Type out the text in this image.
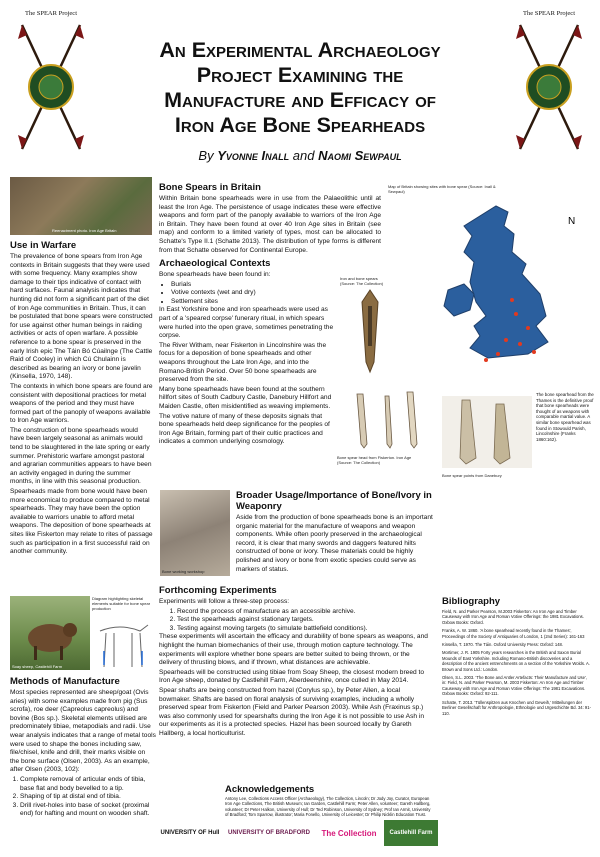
The SPEAR Project	The SPEAR Project
An Experimental Archaeology
Project Examining the
Manufacture and Efficacy of
Iron Age Bone Spearheads
By Yvonne Inall and Naomi Sewpaul
Reenactment photo. Iron Age Britain
Use in Warfare

The prevalence of bone spears from Iron Age contexts in Britain suggests that they were used with some frequency. Many examples show damage to their tips indicative of contact with hard surfaces. Faunal analysis indicates that hunting did not form a significant part of the diet of Iron Age communities in Britain. Thus, it can be postulated that bone spears were constructed for use against other human beings in raiding activities or acts of open warfare. A possible reference to a bone spear is preserved in the early Irish epic The Táin Bó Cúailnge (The Cattle Raid of Cooley) in which Cú Chulainn is described as bearing an ivory or bone javelin (Kinsella, 1970, 148).

The contexts in which bone spears are found are consistent with depositional practices for metal weapons of the period and they must have formed part of the panoply of weapons available to Iron Age warriors.

The construction of bone spearheads would have been largely seasonal as animals would tend to be slaughtered in the late spring or early summer. Prehistoric warfare amongst pastoral and agrarian communities appears to have been an activity engaged in during the summer months, in line with this seasonal production.

Spearheads made from bone would have been more economical to produce compared to metal spearheads. They may have been the option available to warriors unable to afford metal weapons. The deposition of bone spearheads at sites like Fiskerton may relate to rites of passage such as participation in a first successful raid on another community.

Bone Spears in Britain
Within Britain bone spearheads were in use from the Palaeolithic until at least the Iron Age. The persistence of usage indicates these were effective weapons and form part of the panoply available to warriors of the Iron Age in Britain. They have been found at over 40 Iron Age sites in Britain (see map) and conform to a limited variety of types, most can be allocated to Schatte's Type II.1 (Schatte 2013). The distribution of type forms is different from that Schatte observed for Continental Europe.
Map of Britain showing sites with bone spear (Source: Inall & Sewpaul)
N
Archaeological Contexts

Bone spearheads have been found in:

• Burials
• Votive contexts (wet and dry)
• Settlement sites

In East Yorkshire bone and iron spearheads were used as part of a 'speared corpse' funerary ritual, in which spears were hurled into the open grave, sometimes penetrating the corpse.

The River Witham, near Fiskerton in Lincolnshire was the focus for a deposition of bone spearheads and other weapons throughout the Late Iron Age, and into the Romano-British Period. Over 50 bone spearheads are preserved from the site.

Many bone spearheads have been found at the southern hillfort sites of South Cadbury Castle, Danebury Hillfort and Maiden Castle, often misidentified as weaving implements.

The votive nature of many of these deposits signals that bone spearheads held deep significance for the peoples of Iron Age Britain, forming part of their cultic practices and indicates a common underlying cosmology.

Iron and bone spears
(Source: The Collection)
The bone spearhead from the Thames is the definitive proof that bone spearheads were thought of as weapons with comparable martial value. A similar bone spearhead was found in Stowould Parish, Lincolnshire (Franks 1860:162).
Bone spear head from Fiskerton. Iron Age
(Source: The Collection)
Bone spear points from Danebury
Bone working workshop
Broader Usage/Importance of Bone/Ivory in Weaponry
Aside from the production of bone spearheads bone is an important organic material for the manufacture of weapons and weapon components. While often poorly preserved in the archaeological record, it is clear that many swords and daggers featured hilts constructed of bone or ivory. These materials could be highly polished and ivory or bone from exotic species could serve as markers of status.
Soay sheep, Castlehill Farm
Diagram highlighting skeletal elements suitable for bone spear production
Methods of Manufacture

Most species represented are sheep/goat (Ovis aries) with some examples made from pig (Sus scrofa), roe deer (Capreolus capreolus) and bovine (Bos sp.). Skeletal elements utilised are predominately tibiae, metapodials and radii. Use wear analysis indicates that a range of metal tools were used to shape the bones including saw, file/chisel, knife and drill, their marks visible on the bone surface (Olsen, 2003). As an example, after Olsen (2003, 102):

1. Complete removal of articular ends of tibia, base flat and body bevelled to a tip.
2. Shaping of tip at distal end of tibia.
3. Drill rivet-holes into base of socket (proximal end) for hafting and mount on wooden shaft.
Forthcoming Experiments

Experiments will follow a three-step process:

1. Record the process of manufacture as an accessible archive.
2. Test the spearheads against stationary targets.
3. Testing against moving targets (to simulate battlefield conditions).

These experiments will ascertain the efficacy and durability of bone spears as weapons, and highlight the human biomechanics of their use, through motion capture technology. The experiments will explore whether bone spears are better suited to being thrown, or the delivery of thrusting blows, and if thrown, what distances are achievable.

Spearheads will be constructed using tibiae from Soay Sheep, the closest modern breed to Iron Age sheep, donated by Castlehill Farm, Aberdeenshire, once culled in May 2014.

Spear shafts are being constructed from hazel (Corylus sp.), by Peter Allen, a local bowmaker. Shafts are based on floral analysis of surviving examples, including a wholly preserved spear from Fiskerton (Field and Parker Pearson 2003). While Ash (Fraxinus sp.) was also commonly used for spearshafts during the Iron Age it is not possible to use Ash in our experiments as it is a protected species. Hazel has been sourced locally by Gareth Hallberg, a local horticulturist.

Bibliography

Field, N. and Parker Pearson, M.2003 Fiskerton: An Iron Age and Timber Causeway with Iron Age and Roman Votive Offerings: the 1981 Excavations. Oxbow Books: Oxford.

Franks, A. W. 1860. 'A bone spearhead recently found in the Thames', Proceedings of the Society of Antiquaries of London, 1 (2nd Series): 161-163

Kinsella, T. 1970. The Táin. Oxford University Press: Oxford: 148.

Mortimer, J. R. 1905 Forty years researches in the British and Saxon Burial Mounds of East Yorkshire. Including Romano-British discoveries and a description of the ancient entrenchments on a section of the Yorkshire Wolds. A. Brown and Sons Ltd.: London.

Olsen, S.L. 2003. 'The Bone and Antler Artefacts: Their Manufacture and Use', in: Field, N. and Parker Pearson, M. 2003 Fiskerton: An Iron Age and Timber Causeway with Iron Age and Roman Votive Offerings: The 1981 Excavations. Oxbow Books: Oxford: 92-111.

Schatte, T. 2013. 'Tüllenspitzen aus Knochen und Geweih,' Mitteilungen der Berliner Gesellschaft für Anthropologie, Ethnologie und Urgeschichte Bd. 34: 91-110.

Acknowledgements

Antony Lee, Collections Access Officer (Archaeology), The Collection, Lincoln; Dr Jody Joy, Curator, European Iron Age Collections, The British Museum; Ian Garden, Castlehill Farm; Peter Allen, volunteer; Gareth Hallberg, volunteer; Dr Peter Halkon, University of Hull; Dr Ted Robinson, University of Sydney; Prof Ian Armit, University of Bradford; Tom Sparrow, illustrator; Maria Fonello, University of Leicester; Dr Philip Nicklin Education Trust.

UNIVERSITY OF Hull UNIVERSITY OF BRADFORD The Collection Castlehill Farm
